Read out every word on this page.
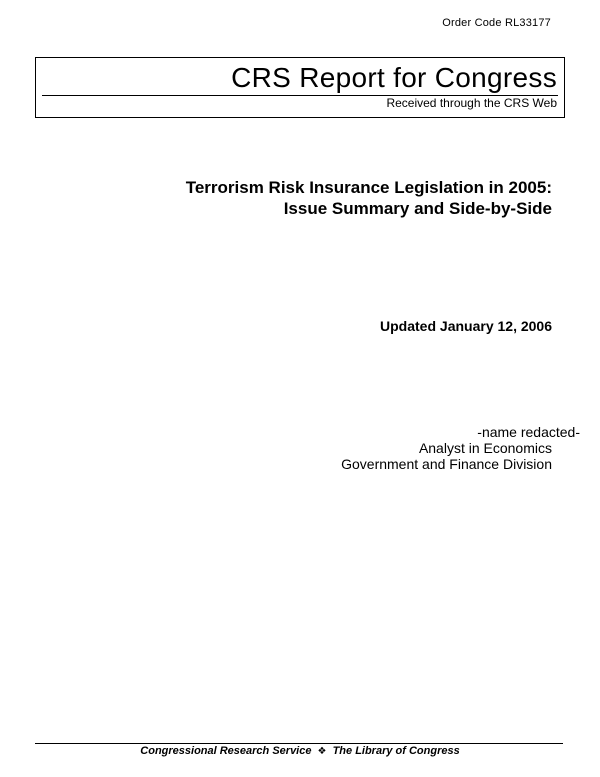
Order Code RL33177
CRS Report for Congress
Received through the CRS Web
Terrorism Risk Insurance Legislation in 2005:
Issue Summary and Side-by-Side
Updated January 12, 2006
-name redacted-
Analyst in Economics
Government and Finance Division
Congressional Research Service ❖ The Library of Congress
